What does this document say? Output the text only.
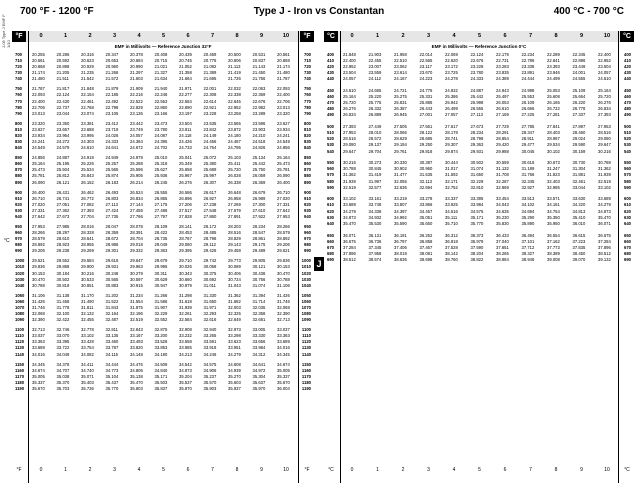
700 °F - 1200 °F	Type J - Iron vs Constantan	400 °C - 700 °C
J-05 Type J EMF F 1/10
°C
J
°F	°F
0	1	2	3	4	5	6	7	8	9	10
EMF in Millivolts — Reference Junction 32°F
700 20.255	20.286	20.316	20.347	20.378	20.408	20.439	20.469	20.500	20.531	20.561	700
710 20.561	20.592	20.623	20.653	20.684	20.715	20.745	20.776	20.806	20.837	20.868	710
720 20.868	20.898	20.929	20.960	20.990	21.021	21.052	21.082	21.113	21.143	21.174	720
730 21.174	21.205	21.235	21.266	21.297	21.327	21.358	21.389	21.419	21.450	21.480	730
740 21.480	21.511	21.542	21.572	21.603	21.634	21.664	21.695	21.726	21.756	21.787	740
750 21.787	21.817	21.848	21.879	21.909	21.940	21.971	22.001	22.032	22.063	22.093	750
760 22.093	22.124	22.154	22.185	22.216	22.246	22.277	22.308	22.338	22.369	22.400	760
770 22.400	22.430	22.461	22.492	22.522	22.553	22.584	22.614	22.645	22.676	22.706	770
780 22.706	22.737	22.768	22.798	22.829	22.860	22.890	22.921	22.952	22.982	23.013	780
790 23.013	23.044	23.074	23.105	23.136	23.166	23.197	23.228	23.258	23.289	23.320	790
800 23.320	23.350	23.381	23.412	23.442	23.473	23.504	23.535	23.565	23.596	23.627	800
810 23.627	23.657	23.688	23.719	23.749	23.780	23.811	23.842	23.872	23.903	23.934	810
820 23.934	23.964	23.995	24.026	24.057	24.087	24.118	24.149	24.180	24.210	24.241	820
830 24.241	24.272	24.303	24.333	24.364	24.395	24.426	24.456	24.487	24.518	24.549	830
840 24.549	24.579	24.610	24.641	24.672	24.702	24.733	24.764	24.795	24.826	24.856	840
850 24.856	24.887	24.918	24.949	24.979	25.010	25.041	25.072	25.103	25.134	25.164	850
860 25.164	25.195	25.226	25.257	25.288	25.318	25.349	25.380	25.411	25.442	25.473	860
870 25.473	25.504	25.534	25.565	25.596	25.627	25.658	25.689	25.720	25.750	25.781	870
880 25.781	25.812	25.843	25.874	25.905	25.936	25.967	25.997	26.028	26.059	26.090	880
890 26.090	26.121	26.152	26.183	26.214	26.245	26.276	26.307	26.338	26.369	26.400	890
900 26.400	26.431	26.462	26.493	26.524	26.555	26.586	26.617	26.648	26.679	26.710	900
910 26.710	26.741	26.772	26.803	26.834	26.865	26.896	26.927	26.958	26.989	27.020	910
920 27.020	27.051	27.082	27.113	27.144	27.175	27.206	27.238	27.269	27.300	27.331	920
930 27.331	27.362	27.393	27.424	27.455	27.486	27.517	27.548	27.579	27.610	27.642	930
940 27.642	27.673	27.704	27.735	27.766	27.797	27.828	27.860	27.891	27.922	27.953	940
950 27.953	27.985	28.016	28.047	28.078	28.109	28.141	28.172	28.203	28.234	28.266	950
960 28.266	28.297	28.328	28.359	28.391	28.422	28.453	28.485	28.516	28.547	28.579	960
970 28.579	28.610	28.641	28.672	28.704	28.735	28.767	28.798	28.829	28.861	28.892	970
980 28.892	28.923	28.955	28.986	29.018	29.049	29.080	29.112	29.143	29.175	29.206	980
990 29.206	29.238	29.269	29.301	29.332	29.363	29.395	29.426	29.458	29.489	29.521	990
1000 29.521	29.552	29.584	29.616	29.647	29.679	29.710	29.742	29.773	29.805	29.836	1000
1010 29.836	29.868	29.900	29.931	29.963	29.995	30.026	30.058	30.089	30.121	30.153	1010
1020 30.153	30.184	30.216	30.248	30.279	30.311	30.343	30.375	30.406	30.438	30.470	1020
1030 30.470	30.502	30.533	30.565	30.597	30.629	30.660	30.692	30.724	30.756	30.788	1030
1040 30.788	30.819	30.851	30.883	30.915	30.947	30.979	31.011	31.043	31.074	31.106	1040
1050 31.106	31.138	31.170	31.202	31.234	31.266	31.298	31.330	31.362	31.394	31.426	1050
1060 31.426	31.458	31.490	31.522	31.554	31.586	31.618	31.650	31.682	31.714	31.746	1060
1070 31.746	31.778	31.811	31.843	31.875	31.907	31.939	31.971	32.003	32.035	32.068	1070
1080 32.068	32.100	32.132	32.164	32.196	32.229	32.261	32.293	32.325	32.358	32.390	1080
1090 32.390	32.422	32.455	32.487	32.519	32.552	32.584	32.616	32.649	32.681	32.713	1090
1100 32.713	32.746	32.778	32.811	32.843	32.875	32.908	32.940	32.973	33.005	33.037	1100
1110 33.037	33.070	33.102	33.135	33.167	33.200	33.232	33.265	33.298	33.330	33.363	1110
1120 33.363	33.395	33.428	33.460	33.493	33.526	33.558	33.591	33.623	33.656	33.689	1120
1130 33.689	33.722	33.754	33.787	33.820	33.853	33.885	33.918	33.951	33.984	34.016	1130
1140 34.016	34.049	34.082	34.115	34.148	34.180	34.213	34.246	34.279	34.312	34.345	1140
1150 34.345	34.378	34.411	34.444	34.476	34.509	34.542	34.575	34.608	34.641	34.674	1150
1160 34.674	34.707	34.740	34.773	34.806	34.840	34.873	34.906	34.939	34.972	35.005	1160
1170 35.005	35.038	35.071	35.104	35.138	35.171	35.204	35.237	35.270	35.304	35.337	1170
1180 35.337	35.370	35.403	35.437	35.470	35.503	35.537	35.570	35.603	35.637	35.670	1180
1190 35.670	35.703	35.736	35.770	35.803	35.837	35.870	35.903	35.937	35.970	36.004	1190
°F	0	1	2	3	4	5	6	7	8	9	10	°F
°C	°C
0	1	2	3	4	5	6	7	8	9	10
EMF in Millivolts — Reference Junction 0°C
400 21.848	21.903	21.958	22.014	22.069	22.124	22.179	22.234	22.289	22.345	22.400	400
410 22.400	22.455	22.510	22.565	22.620	22.676	22.731	22.786	22.841	22.896	22.952	410
420 22.952	23.007	23.062	23.117	23.172	23.228	23.283	23.338	23.393	23.449	23.504	420
430 23.504	23.559	23.614	23.670	23.725	23.780	23.835	23.891	23.946	24.001	24.057	430
440 24.057	24.112	24.167	24.223	24.278	24.333	24.389	24.444	24.499	24.555	24.610	440
450 24.610	24.665	24.721	24.776	24.832	24.887	24.943	24.998	25.053	25.109	25.164	450
460 25.164	25.220	25.275	25.331	25.386	25.442	25.497	25.553	25.608	25.664	25.720	460
470 25.720	25.775	25.831	25.886	25.942	25.998	26.053	26.109	26.165	26.220	26.276	470
480 26.276	26.332	26.387	26.443	26.499	26.555	26.610	26.666	26.722	26.778	26.834	480
490 26.834	26.889	26.945	27.001	27.057	27.113	27.169	27.225	27.281	27.337	27.393	490
500 27.393	27.449	27.505	27.561	27.617	27.673	27.729	27.785	27.841	27.897	27.953	500
510 27.953	28.010	28.066	28.122	28.178	28.234	28.291	28.347	28.403	28.460	28.516	510
520 28.516	28.572	28.629	28.685	28.741	28.798	28.854	28.911	28.967	29.024	29.080	520
530 29.080	29.137	29.194	29.250	29.307	29.363	29.420	29.477	29.534	29.590	29.647	530
540 29.647	29.704	29.761	29.818	29.874	29.931	29.988	30.045	30.102	30.159	30.216	540
550 30.216	30.273	30.330	30.387	30.444	30.502	30.559	30.616	30.673	30.730	30.788	550
560 30.788	30.845	30.902	30.960	31.017	31.074	31.132	31.189	31.247	31.304	31.362	560
570 31.362	31.419	31.477	31.535	31.592	31.650	31.708	31.766	31.823	31.881	31.939	570
580 31.939	31.997	32.055	32.113	32.171	32.229	32.287	32.345	32.403	32.461	32.519	580
590 32.519	32.577	32.636	32.694	32.752	32.810	32.869	32.927	32.985	33.044	33.102	590
600 33.102	33.161	33.219	33.278	33.337	33.395	33.454	33.513	33.571	33.630	33.689	600
610 33.689	33.748	33.807	33.866	33.925	33.984	34.043	34.102	34.161	34.220	34.279	610
620 34.279	34.338	34.397	34.457	34.516	34.575	34.635	34.694	34.754	34.813	34.873	620
630 34.873	34.932	34.992	35.051	35.111	35.171	35.230	35.290	35.350	35.410	35.470	630
640 35.470	35.530	35.590	35.650	35.710	35.770	35.830	35.890	35.950	36.010	36.071	640
650 36.071	36.131	36.191	36.252	36.312	36.373	36.433	36.494	36.554	36.615	36.675	650
660 36.675	36.736	36.797	36.858	36.918	36.979	37.040	37.101	37.162	37.223	37.284	660
670 37.284	37.345	37.406	37.467	37.528	37.590	37.651	37.712	37.773	37.835	37.896	670
680 37.896	37.958	38.019	38.081	38.142	38.204	38.265	38.327	38.389	38.450	38.512	680
690 38.512	38.574	38.636	38.698	38.760	38.822	38.884	38.946	39.008	39.070	39.132	690
°C	0	1	2	3	4	5	6	7	8	9	10	°C
